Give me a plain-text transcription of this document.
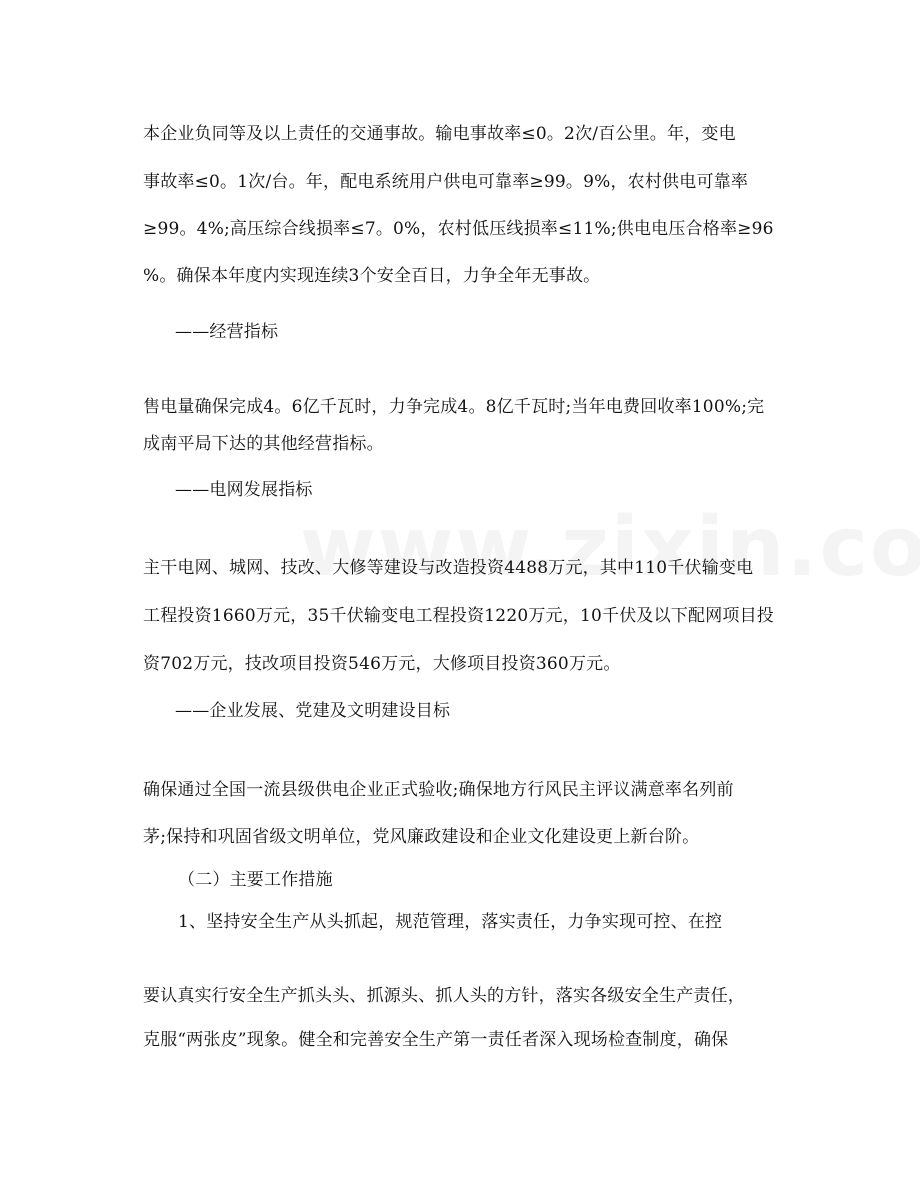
本企业负同等及以上责任的交通事故。输电事故率≤0。2次/百公里。年，变电
事故率≤0。1次/台。年，配电系统用户供电可靠率≥99。9%，农村供电可靠率
≥99。4%;高压综合线损率≤7。0%，农村低压线损率≤11%;供电电压合格率≥96
%。确保本年度内实现连续3个安全百日，力争全年无事故。
——经营指标
售电量确保完成4。6亿千瓦时，力争完成4。8亿千瓦时;当年电费回收率100%;完
成南平局下达的其他经营指标。
——电网发展指标
主干电网、城网、技改、大修等建设与改造投资4488万元，其中110千伏输变电
工程投资1660万元，35千伏输变电工程投资1220万元，10千伏及以下配网项目投
资702万元，技改项目投资546万元，大修项目投资360万元。
——企业发展、党建及文明建设目标
确保通过全国一流县级供电企业正式验收;确保地方行风民主评议满意率名列前
茅;保持和巩固省级文明单位，党风廉政建设和企业文化建设更上新台阶。
（二）主要工作措施
1、坚持安全生产从头抓起，规范管理，落实责任，力争实现可控、在控
要认真实行安全生产抓头头、抓源头、抓人头的方针，落实各级安全生产责任，
克服“两张皮”现象。健全和完善安全生产第一责任者深入现场检查制度，确保
